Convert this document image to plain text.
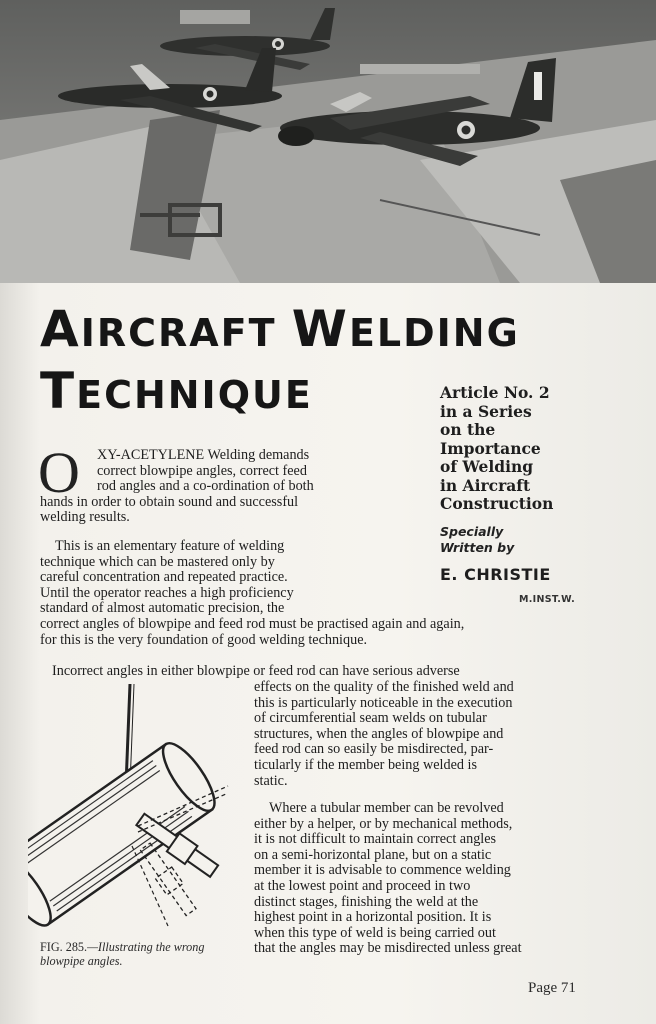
AIRCRAFT WELDING
TECHNIQUE	Article No. 2
in a Series
on the
Importance
of Welding
in Aircraft
Construction
Specially
Written by
E. CHRISTIE
M.INST.W.
O	XY-ACETYLENE Welding demands
correct blowpipe angles, correct feed
rod angles and a co-ordination of both
hands in order to obtain sound and successful
welding results.
This is an elementary feature of welding
technique which can be mastered only by
careful concentration and repeated practice.
Until the operator reaches a high proficiency
standard of almost automatic precision, the
correct angles of blowpipe and feed rod must be practised again and again,
for this is the very foundation of good welding technique.
Incorrect angles in either blowpipe or feed rod can have serious adverse
effects on the quality of the finished weld and
this is particularly noticeable in the execution
of circumferential seam welds on tubular
structures, when the angles of blowpipe and
feed rod can so easily be misdirected, par-
ticularly if the member being welded is
static.
Where a tubular member can be revolved
either by a helper, or by mechanical methods,
it is not difficult to maintain correct angles
on a semi-horizontal plane, but on a static
member it is advisable to commence welding
at the lowest point and proceed in two
distinct stages, finishing the weld at the
highest point in a horizontal position. It is
when this type of weld is being carried out
that the angles may be misdirected unless great
FIG. 285.—Illustrating the wrong
blowpipe angles.
Page 71
